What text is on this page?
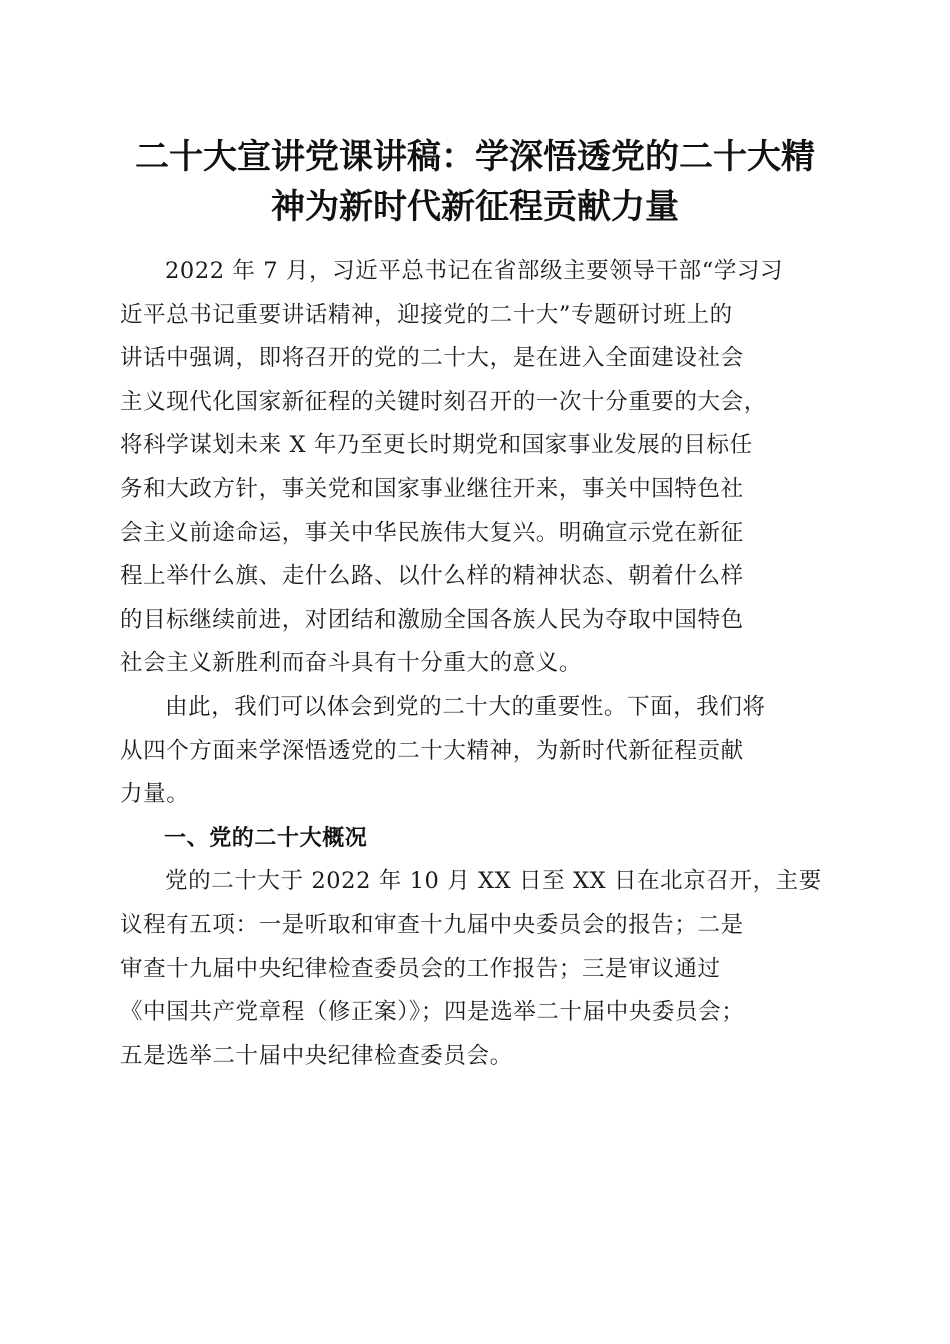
二十大宣讲党课讲稿：学深悟透党的二十大精
神为新时代新征程贡献力量

2022 年 7 月，习近平总书记在省部级主要领导干部“学习习
近平总书记重要讲话精神，迎接党的二十大”专题研讨班上的
讲话中强调，即将召开的党的二十大，是在进入全面建设社会
主义现代化国家新征程的关键时刻召开的一次十分重要的大会，
将科学谋划未来 X 年乃至更长时期党和国家事业发展的目标任
务和大政方针，事关党和国家事业继往开来，事关中国特色社
会主义前途命运，事关中华民族伟大复兴。明确宣示党在新征
程上举什么旗、走什么路、以什么样的精神状态、朝着什么样
的目标继续前进，对团结和激励全国各族人民为夺取中国特色
社会主义新胜利而奋斗具有十分重大的意义。

由此，我们可以体会到党的二十大的重要性。下面，我们将
从四个方面来学深悟透党的二十大精神，为新时代新征程贡献
力量。

一、党的二十大概况

党的二十大于 2022 年 10 月 XX 日至 XX 日在北京召开，主要
议程有五项：一是听取和审查十九届中央委员会的报告；二是
审查十九届中央纪律检查委员会的工作报告；三是审议通过
《中国共产党章程（修正案）》；四是选举二十届中央委员会；
五是选举二十届中央纪律检查委员会。
